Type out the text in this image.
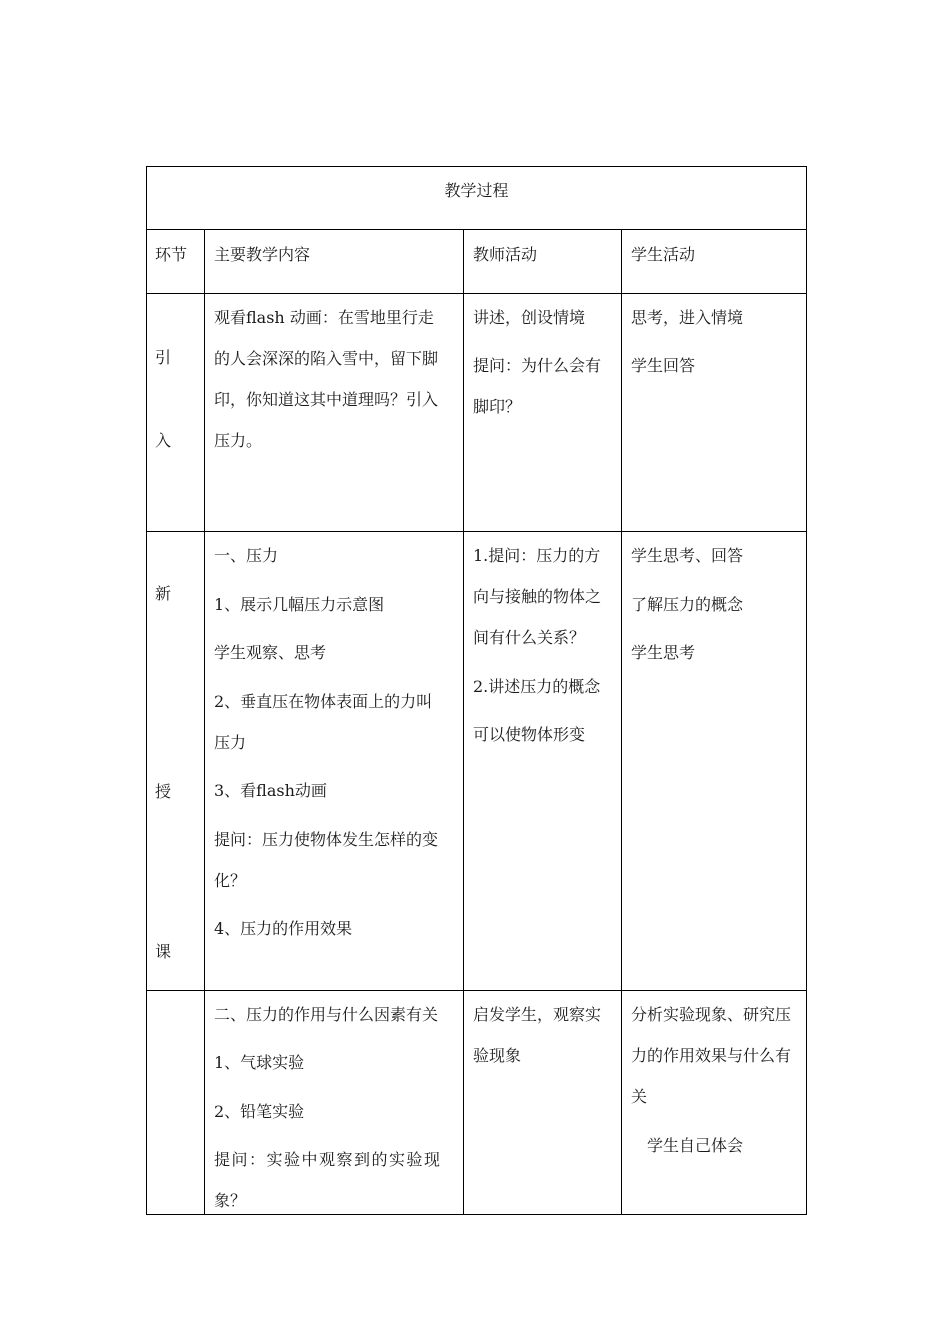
教学过程
环节 主要教学内容	教师活动	学生活动
引
入
观看flash 动画：在雪地里行走
的人会深深的陷入雪中，留下脚
印，你知道这其中道理吗？引入
压力。
讲述，创设情境
提问：为什么会有
脚印？
思考，进入情境
学生回答
新
授
课
一、压力
1、展示几幅压力示意图
学生观察、思考
2、垂直压在物体表面上的力叫
压力
3、看flash动画
提问：压力使物体发生怎样的变
化？
4、压力的作用效果
1.提问：压力的方
向与接触的物体之
间有什么关系？
2.讲述压力的概念
可以使物体形变
学生思考、回答
了解压力的概念
学生思考
二、压力的作用与什么因素有关
1、气球实验
2、铅笔实验
提问：实验中观察到的实验现
象？
启发学生，观察实
验现象
分析实验现象、研究压
力的作用效果与什么有
关
学生自己体会
